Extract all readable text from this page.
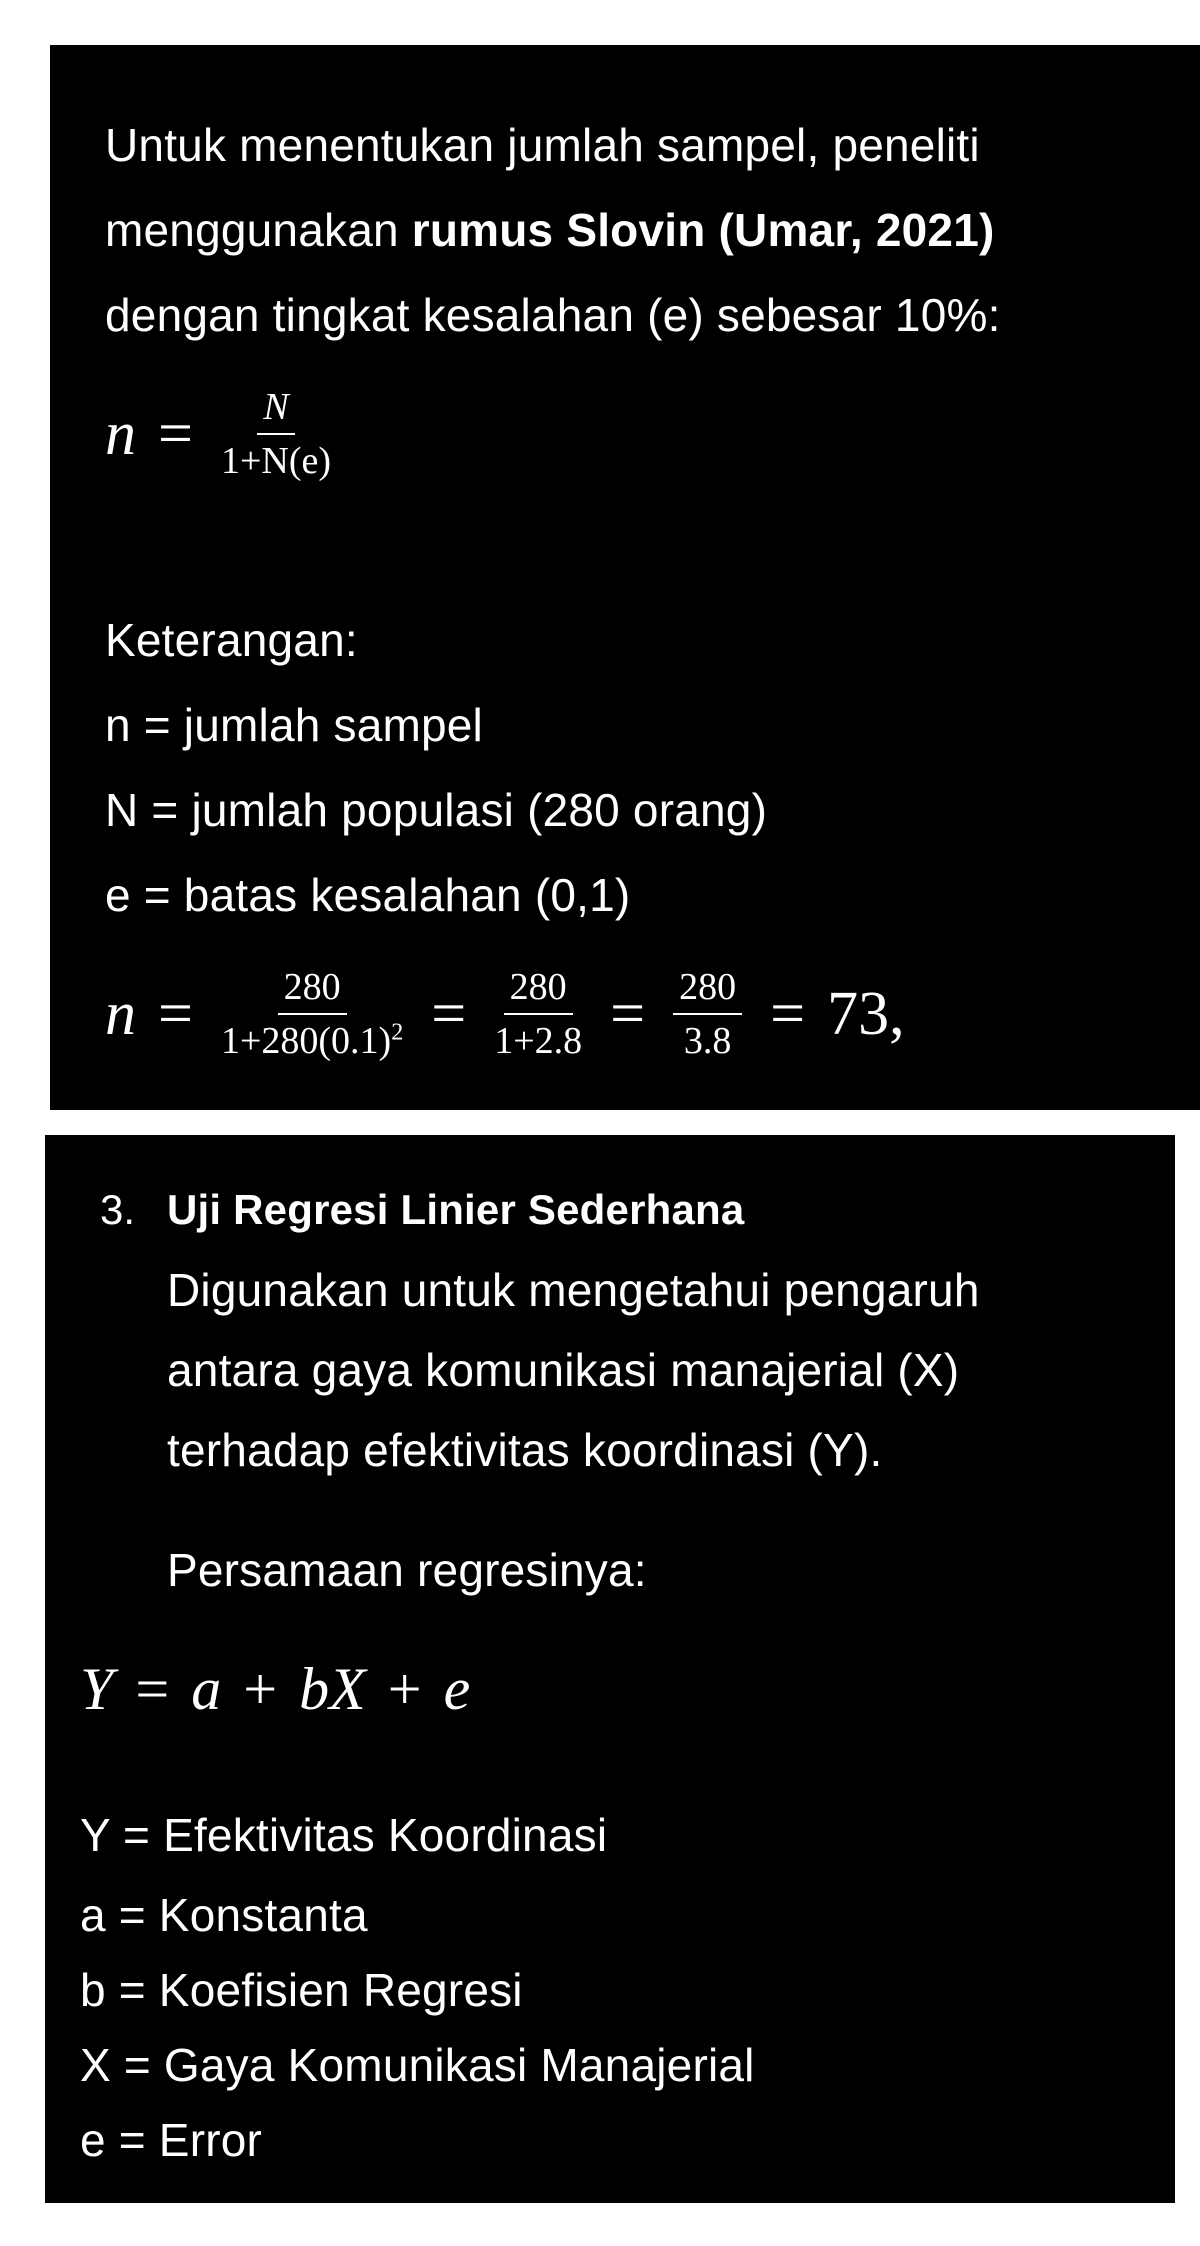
Untuk menentukan jumlah sampel, peneliti
menggunakan rumus Slovin (Umar, 2021)
dengan tingkat kesalahan (e) sebesar 10%:
$n = \frac{N}{1+N(e)}$
Keterangan:
n = jumlah sampel
N = jumlah populasi (280 orang)
e = batas kesalahan (0,1)
$n = \frac{280}{1+280(0.1)^2} = \frac{280}{1+2.8} = \frac{280}{3.8} = 73$,
3. Uji Regresi Linier Sederhana
Digunakan untuk mengetahui pengaruh
antara gaya komunikasi manajerial (X)
terhadap efektivitas koordinasi (Y).
Persamaan regresinya:
Y = a + bX + e
Y = Efektivitas Koordinasi
a = Konstanta
b = Koefisien Regresi
X = Gaya Komunikasi Manajerial
e = Error
